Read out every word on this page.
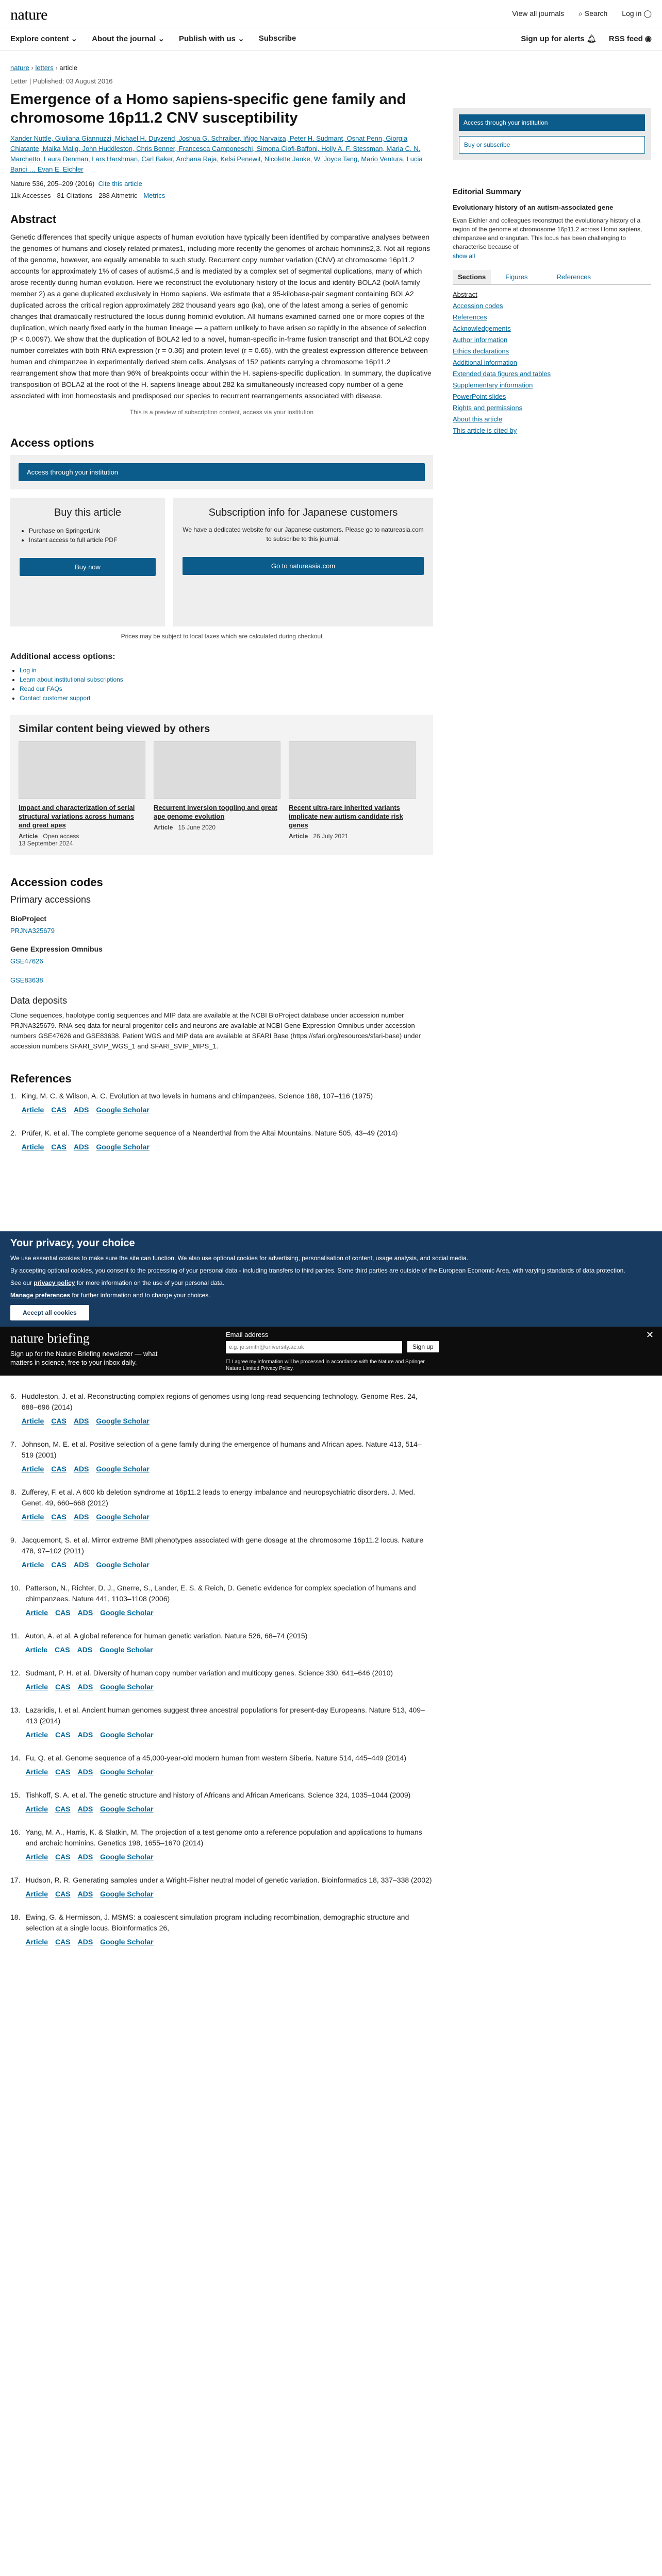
nature	View all journals ⌕ Search Log in ◯
Explore content ⌄ About the journal ⌄ Publish with us ⌄ Subscribe	Sign up for alerts 🔔︎ RSS feed ◉
nature › letters › article
Letter | Published: 03 August 2016
Emergence of a Homo sapiens-specific gene family and chromosome 16p11.2 CNV susceptibility
Xander Nuttle, Giuliana Giannuzzi, Michael H. Duyzend, Joshua G. Schraiber, Iñigo Narvaiza, Peter H. Sudmant, Osnat Penn, Giorgia Chiatante, Maika Malig, John Huddleston, Chris Benner, Francesca Camponeschi, Simona Ciofi-Baffoni, Holly A. F. Stessman, Maria C. N. Marchetto, Laura Denman, Lars Harshman, Carl Baker, Archana Raja, Kelsi Penewit, Nicolette Janke, W. Joyce Tang, Mario Ventura, Lucia Banci … Evan E. Eichler
Nature 536, 205–209 (2016) Cite this article
11k Accesses 81 Citations 288 Altmetric Metrics
Abstract
Genetic differences that specify unique aspects of human evolution have typically been identified by comparative analyses between the genomes of humans and closely related primates1, including more recently the genomes of archaic hominins2,3. Not all regions of the genome, however, are equally amenable to such study. Recurrent copy number variation (CNV) at chromosome 16p11.2 accounts for approximately 1% of cases of autism4,5 and is mediated by a complex set of segmental duplications, many of which arose recently during human evolution. Here we reconstruct the evolutionary history of the locus and identify BOLA2 (bolA family member 2) as a gene duplicated exclusively in Homo sapiens. We estimate that a 95-kilobase-pair segment containing BOLA2 duplicated across the critical region approximately 282 thousand years ago (ka), one of the latest among a series of genomic changes that dramatically restructured the locus during hominid evolution. All humans examined carried one or more copies of the duplication, which nearly fixed early in the human lineage — a pattern unlikely to have arisen so rapidly in the absence of selection (P < 0.0097). We show that the duplication of BOLA2 led to a novel, human-specific in-frame fusion transcript and that BOLA2 copy number correlates with both RNA expression (r = 0.36) and protein level (r = 0.65), with the greatest expression difference between human and chimpanzee in experimentally derived stem cells. Analyses of 152 patients carrying a chromosome 16p11.2 rearrangement show that more than 96% of breakpoints occur within the H. sapiens-specific duplication. In summary, the duplicative transposition of BOLA2 at the root of the H. sapiens lineage about 282 ka simultaneously increased copy number of a gene associated with iron homeostasis and predisposed our species to recurrent rearrangements associated with disease.
This is a preview of subscription content, access via your institution
Access options
Access through your institution
Buy this article
• Purchase on SpringerLink
• Instant access to full article PDF
Buy now
Subscription info for Japanese customers
We have a dedicated website for our Japanese customers. Please go to natureasia.com to subscribe to this journal.
Go to natureasia.com
Prices may be subject to local taxes which are calculated during checkout
Additional access options:
• Log in
• Learn about institutional subscriptions
• Read our FAQs
• Contact customer support
Similar content being viewed by others
Impact and characterization of serial structural variations across humans and great apes
Article Open access
13 September 2024
Recurrent inversion toggling and great ape genome evolution
Article 15 June 2020
Recent ultra-rare inherited variants implicate new autism candidate risk genes
Article 26 July 2021
Accession codes
Primary accessions
BioProject
PRJNA325679
Gene Expression Omnibus
GSE47626
GSE83638
Data deposits
Clone sequences, haplotype contig sequences and MIP data are available at the NCBI BioProject database under accession number PRJNA325679. RNA-seq data for neural progenitor cells and neurons are available at NCBI Gene Expression Omnibus under accession numbers GSE47626 and GSE83638. Patient WGS and MIP data are available at SFARI Base (https://sfari.org/resources/sfari-base) under accession numbers SFARI_SVIP_WGS_1 and SFARI_SVIP_MIPS_1.
References
1. King, M. C. & Wilson, A. C. Evolution at two levels in humans and chimpanzees. Science 188, 107–116 (1975)
Article CAS ADS Google Scholar
2. Prüfer, K. et al. The complete genome sequence of a Neanderthal from the Altai Mountains. Nature 505, 43–49 (2014)
Article CAS ADS Google Scholar
Your privacy, your choice
We use essential cookies to make sure the site can function. We also use optional cookies for advertising, personalisation of content, usage analysis, and social media.
By accepting optional cookies, you consent to the processing of your personal data - including transfers to third parties. Some third parties are outside of the European Economic Area, with varying standards of data protection.
See our privacy policy for more information on the use of your personal data.
Manage preferences for further information and to change your choices.
Accept all cookies
nature briefing
Sign up for the Nature Briefing newsletter — what matters in science, free to your inbox daily.
Email address
e.g. jo.smith@university.ac.uk
Sign up
☐ I agree my information will be processed in accordance with the Nature and Springer Nature Limited Privacy Policy.
✕
6. Huddleston, J. et al. Reconstructing complex regions of genomes using long-read sequencing technology. Genome Res. 24, 688–696 (2014)
Article CAS ADS Google Scholar
7. Johnson, M. E. et al. Positive selection of a gene family during the emergence of humans and African apes. Nature 413, 514–519 (2001)
Article CAS ADS Google Scholar
8. Zufferey, F. et al. A 600 kb deletion syndrome at 16p11.2 leads to energy imbalance and neuropsychiatric disorders. J. Med. Genet. 49, 660–668 (2012)
Article CAS ADS Google Scholar
9. Jacquemont, S. et al. Mirror extreme BMI phenotypes associated with gene dosage at the chromosome 16p11.2 locus. Nature 478, 97–102 (2011)
Article CAS ADS Google Scholar
10. Patterson, N., Richter, D. J., Gnerre, S., Lander, E. S. & Reich, D. Genetic evidence for complex speciation of humans and chimpanzees. Nature 441, 1103–1108 (2006)
Article CAS ADS Google Scholar
11. Auton, A. et al. A global reference for human genetic variation. Nature 526, 68–74 (2015)
Article CAS ADS Google Scholar
12. Sudmant, P. H. et al. Diversity of human copy number variation and multicopy genes. Science 330, 641–646 (2010)
Article CAS ADS Google Scholar
13. Lazaridis, I. et al. Ancient human genomes suggest three ancestral populations for present-day Europeans. Nature 513, 409–413 (2014)
Article CAS ADS Google Scholar
14. Fu, Q. et al. Genome sequence of a 45,000-year-old modern human from western Siberia. Nature 514, 445–449 (2014)
Article CAS ADS Google Scholar
15. Tishkoff, S. A. et al. The genetic structure and history of Africans and African Americans. Science 324, 1035–1044 (2009)
Article CAS ADS Google Scholar
16. Yang, M. A., Harris, K. & Slatkin, M. The projection of a test genome onto a reference population and applications to humans and archaic hominins. Genetics 198, 1655–1670 (2014)
Article CAS ADS Google Scholar
17. Hudson, R. R. Generating samples under a Wright-Fisher neutral model of genetic variation. Bioinformatics 18, 337–338 (2002)
Article CAS ADS Google Scholar
18. Ewing, G. & Hermisson, J. MSMS: a coalescent simulation program including recombination, demographic structure and selection at a single locus. Bioinformatics 26,
Article CAS ADS Google Scholar
Access through your institution
Buy or subscribe
Editorial Summary
Evolutionary history of an autism-associated gene
Evan Eichler and colleagues reconstruct the evolutionary history of a region of the genome at chromosome 16p11.2 across Homo sapiens, chimpanzee and orangutan. This locus has been challenging to characterise because of
show all
Sections	Figures	References
Abstract
Accession codes
References
Acknowledgements
Author information
Ethics declarations
Additional information
Extended data figures and tables
Supplementary information
PowerPoint slides
Rights and permissions
About this article
This article is cited by
